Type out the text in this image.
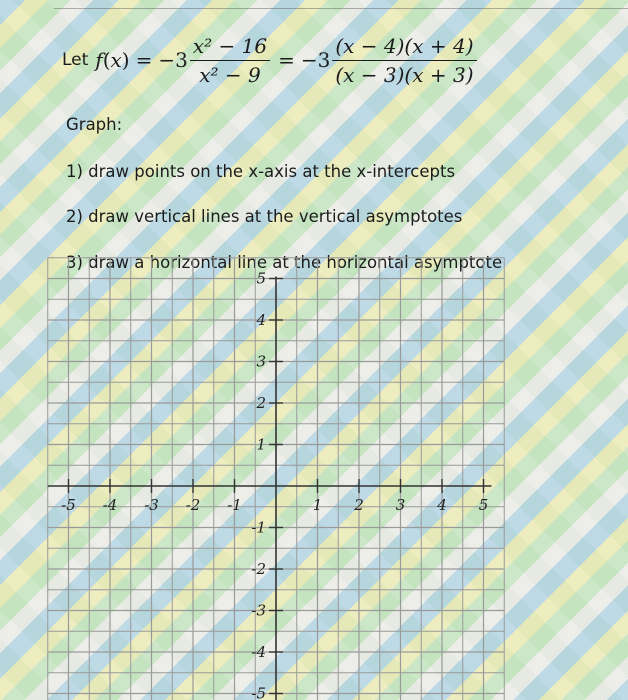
Let f ( x ) = $-3 \frac{\text{x² − 16}}{\text{x² − 9}} = -3 \frac{(x - 4)(x + 4)}{(x - 3)(x + 3)}$
Graph:
1) draw points on the x-axis at the x-intercepts
2) draw vertical lines at the vertical asymptotes
3) draw a horizontal line at the horizontal asymptote
-5 -4 -3 -2 -1	1 2 3 4 5
5
4
3
2
1
-1
-2
-3
-4
-5
